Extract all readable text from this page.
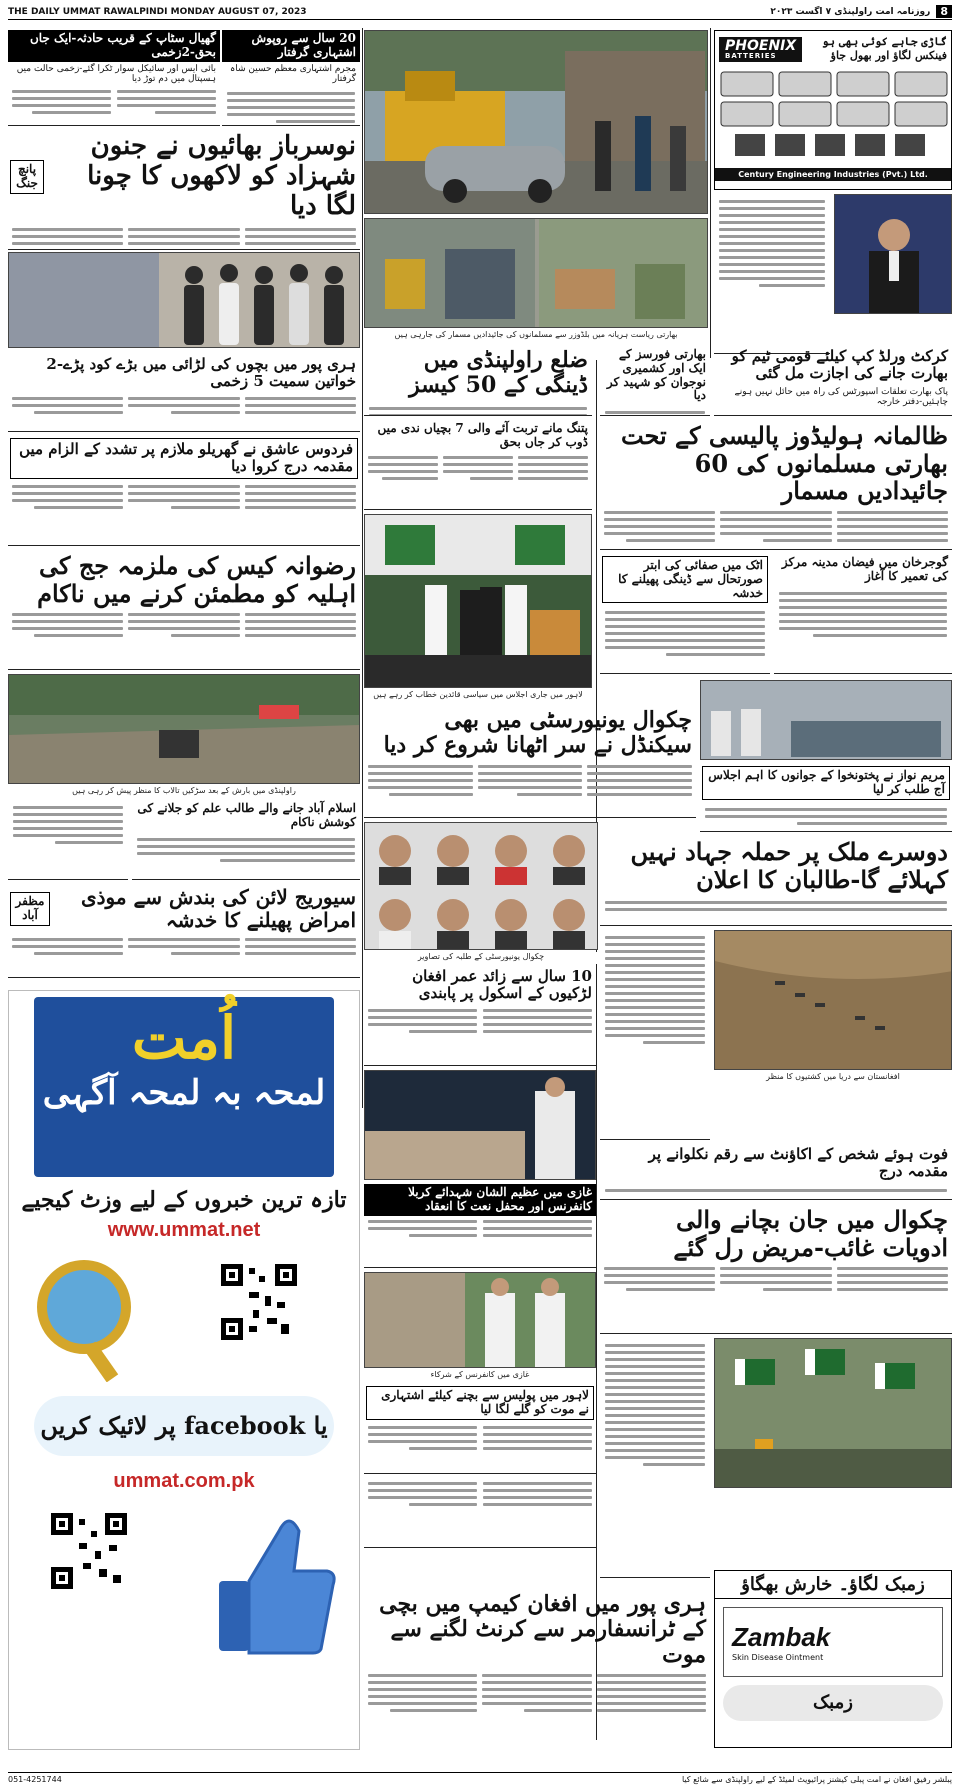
THE DAILY UMMAT RAWALPINDI MONDAY AUGUST 07, 2023	8
روزنامہ امت راولپنڈی ۷ اگست ۲۰۲۳
گھیال سٹاپ کے قریب حادثہ-ایک جاں بحق-2زخمی
بائی ایس اور سائیکل سوار ٹکرا گئے-زخمی حالت میں ہسپتال میں دم توڑ دیا
20 سال سے روپوش اشتہاری گرفتار
مجرم اشتہاری معظم حسین شاہ گرفتار
نوسرباز بھائیوں نے جنون شہزاد کو لاکھوں کا چونا لگا دیا
پانچ جنگ
بھارتی ریاست ہریانہ میں بلڈوزر سے مسلمانوں کی جائیدادیں مسمار کی جارہی ہیں
PHOENIX
BATTERIES
گاڑی جاہے کوئی بھی ہو
فینکس لگاؤ اور بھول جاؤ
Century Engineering Industries (Pvt.) Ltd.
ضلع راولپنڈی میں ڈینگی کے 50 کیسز
بھارتی فورسز کے ایک اور کشمیری نوجوان کو شہید کر دیا
کرکٹ ورلڈ کپ کیلئے قومی ٹیم کو بھارت جانے کی اجازت مل گئی
پاک بھارت تعلقات اسپورٹس کی راہ میں حائل نہیں ہونے چاہئیں-دفتر خارجہ
ہری پور میں بچوں کی لڑائی میں بڑے کود پڑے-2 خواتین سمیت 5 زخمی
فردوس عاشق نے گھریلو ملازم پر تشدد کے الزام میں مقدمہ درج کروا دیا
رضوانہ کیس کی ملزمہ جج کی اہلیہ کو مطمئن کرنے میں ناکام
راولپنڈی میں بارش کے بعد سڑکیں تالاب کا منظر پیش کر رہی ہیں
پتنگ مانے تربت آئے والی 7 بچیاں ندی میں ڈوب کر جاں بحق
لاہور میں جاری اجلاس میں سیاسی قائدین خطاب کر رہے ہیں
ظالمانہ ہولیڈوز پالیسی کے تحت بھارتی مسلمانوں کی 60 جائیدادیں مسمار
اٹک میں صفائی کی ابتر صورتحال سے ڈینگی پھیلنے کا خدشہ
گوجرخان میں فیضان مدینہ مرکز کی تعمیر کا آغاز
چکوال یونیورسٹی میں بھی سیکنڈل نے سر اٹھانا شروع کر دیا
مریم نواز نے پختونخوا کے جوانوں کا اہم اجلاس آج طلب کر لیا
اسلام آباد جانے والے طالب علم کو جلانے کی کوشش ناکام
سیوریج لائن کی بندش سے موذی امراض پھیلنے کا خدشہ
مظفر آباد
چکوال یونیورسٹی کے طلبہ کی تصاویر
10 سال سے زائد عمر افغان لڑکیوں کے اسکول پر پابندی
دوسرے ملک پر حملہ جہاد نہیں کہلائے گا-طالبان کا اعلان
افغانستان سے دریا میں کشتیوں کا منظر
اُمت
لمحہ بہ لمحہ آگہی
تازہ ترین خبروں کے لیے وزٹ کیجیے
www.ummat.net
یا facebook پر لائیک کریں
ummat.com.pk
غازی میں عظیم الشان شہدائے کربلا کانفرنس اور محفل نعت کا انعقاد
غازی میں کانفرنس کے شرکاء
لاہور میں پولیس سے بچنے کیلئے اشتہاری نے موت کو گلے لگا لیا
فوت ہوئے شخص کے اکاؤنٹ سے رقم نکلوانے پر مقدمہ درج
چکوال میں جان بچانے والی ادویات غائب-مریض رل گئے
زمبک لگاؤ۔ خارش بھگاؤ
Zambak
Skin Disease Ointment
زمبک
ہری پور میں افغان کیمپ میں بچی کے ٹرانسفارمر سے کرنٹ لگنے سے موت
051-4251744	پبلشر رفیق افغان نے امت پبلی کیشنز پرائیویٹ لمیٹڈ کے لیے راولپنڈی سے شائع کیا
